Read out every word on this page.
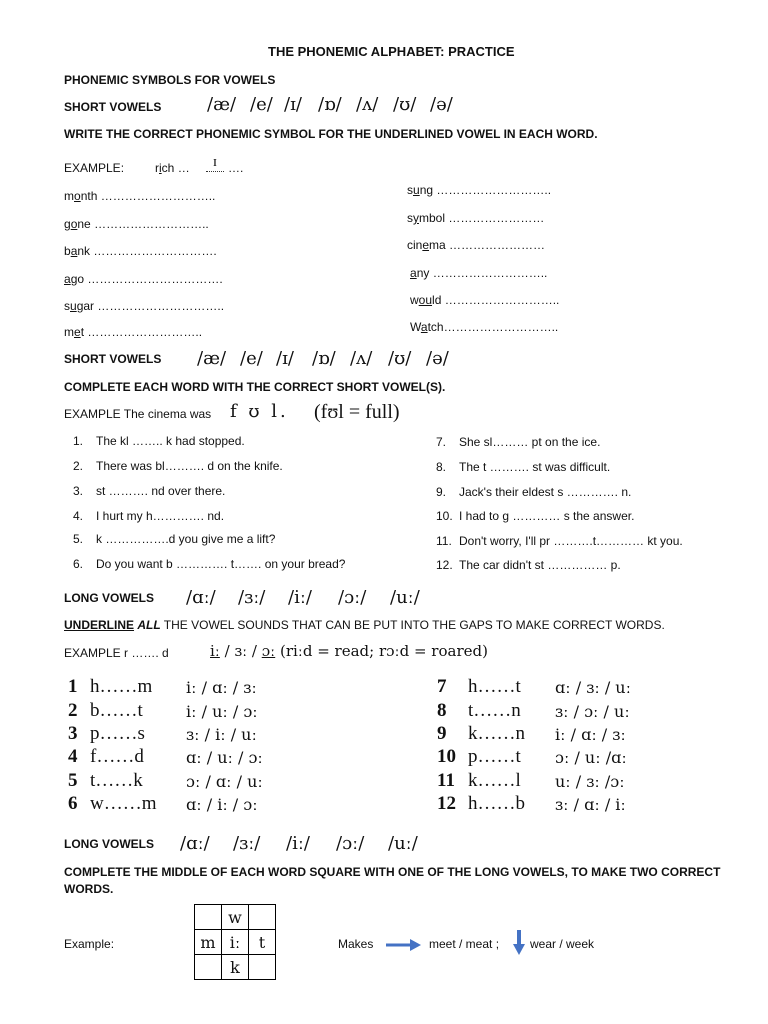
THE PHONEMIC ALPHABET: PRACTICE
PHONEMIC SYMBOLS FOR VOWELS
SHORT VOWELS	/æ/ /e/ /ɪ/ /ɒ/ /ʌ/ /ʊ/ /ə/
WRITE THE CORRECT PHONEMIC SYMBOL FOR THE UNDERLINED VOWEL IN EACH WORD.
EXAMPLE:	rich …	ɪ ….
month ………………………..
gone ………………………..
bank ………………………….
ago …………………………….
sugar …………………………..
met ………………………..
sung ………………………..
symbol ……………………
cinema ……………………
any ………………………..
would ………………………..
Watch………………………..
SHORT VOWELS /æ/ /e/ /ɪ/ /ɒ/ /ʌ/ /ʊ/ /ə/
COMPLETE EACH WORD WITH THE CORRECT SHORT VOWEL(S).
EXAMPLE The cinema was f ʊ l. (fʊl = full)
1. The kl …….. k had stopped.
2. There was bl………. d on the knife.
3. st ………. nd over there.
4. I hurt my h…………. nd.
5. k …………….d you give me a lift?
6. Do you want b …………. t……. on your bread?
7. She sl……… pt on the ice.
8. The t ………. st was difficult.
9. Jack's their eldest s …………. n.
10. I had to g ………… s the answer.
11. Don't worry, I'll pr ……….t………… kt you.
12. The car didn't st …………… p.
LONG VOWELS /ɑː/ /ɜː/ /iː/ /ɔː/ /uː/
UNDERLINE ALL THE VOWEL SOUNDS THAT CAN BE PUT INTO THE GAPS TO MAKE CORRECT WORDS.
EXAMPLE r ……. d	iː / ɜː / ɔː (riːd = read; rɔːd = roared)
1 h……m iː / ɑː / ɜː
2 b……t	iː / uː / ɔː
3 p……s	ɜː / iː / uː
4 f……d	ɑː / uː / ɔː
5 t……k	ɔː / ɑː / uː
6 w……m ɑː / iː / ɔː
7 h……t ɑː / ɜː / uː
8 t……n ɜː / ɔː / uː
9 k……n iː / ɑː / ɜː
10 p……t ɔː / uː /ɑː
11 k……l uː / ɜː /ɔː
12 h……b ɜː / ɑː / iː
LONG VOWELS /ɑː/ /ɜː/ /iː/ /ɔː/ /uː/
COMPLETE THE MIDDLE OF EACH WORD SQUARE WITH ONE OF THE LONG VOWELS, TO MAKE TWO CORRECT
WORDS.
Example:
	w	
m	iː	t
	k	
Makes	meet / meat ;	wear / week
